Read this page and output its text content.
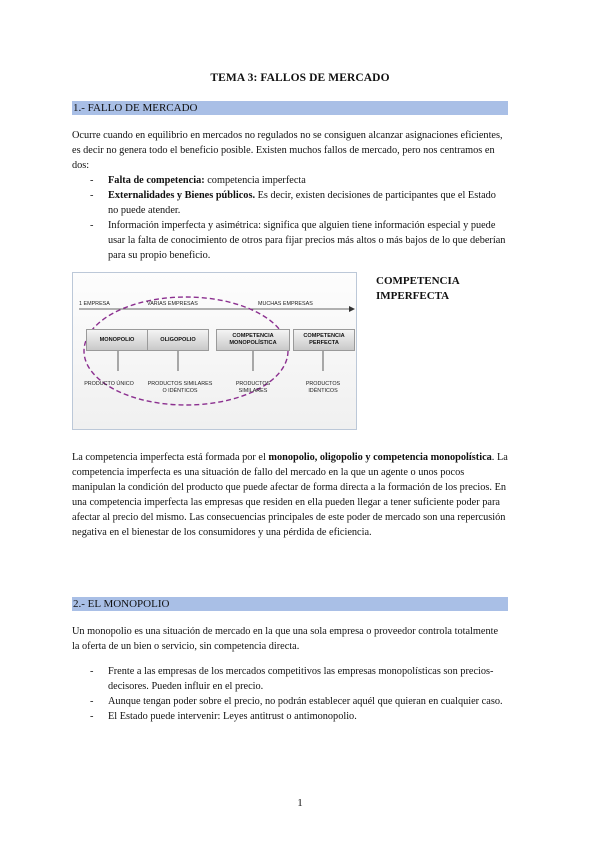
TEMA 3: FALLOS DE MERCADO
1.- FALLO DE MERCADO
Ocurre cuando en equilibrio en mercados no regulados no se consiguen alcanzar asignaciones eficientes, es decir no genera todo el beneficio posible. Existen muchos fallos de mercado, pero nos centramos en dos:
- Falta de competencia: competencia imperfecta
- Externalidades y Bienes públicos. Es decir, existen decisiones de participantes que el Estado no puede atender.
- Información imperfecta y asimétrica: significa que alguien tiene información especial y puede usar la falta de conocimiento de otros para fijar precios más altos o más bajos de lo que deberían para su propio beneficio.
1 EMPRESA	VARIAS EMPRESAS	MUCHAS EMPRESAS
MONOPOLIO	OLIGOPOLIO
COMPETENCIA MONOPOLÍSTICA
COMPETENCIA PERFECTA
PRODUCTO ÚNICO	PRODUCTOS SIMILARES O IDÉNTICOS
PRODUCTOS SIMILARES
PRODUCTOS IDÉNTICOS
COMPETENCIA IMPERFECTA
La competencia imperfecta está formada por el monopolio, oligopolio y competencia monopolística. La competencia imperfecta es una situación de fallo del mercado en la que un agente o unos pocos manipulan la condición del producto que puede afectar de forma directa a la formación de los precios. En una competencia imperfecta las empresas que residen en ella pueden llegar a tener suficiente poder para afectar al precio del mismo. Las consecuencias principales de este poder de mercado son una repercusión negativa en el bienestar de los consumidores y una pérdida de eficiencia.
2.- EL MONOPOLIO
Un monopolio es una situación de mercado en la que una sola empresa o proveedor controla totalmente la oferta de un bien o servicio, sin competencia directa.
- Frente a las empresas de los mercados competitivos las empresas monopolísticas son precios-decisores. Pueden influir en el precio.
- Aunque tengan poder sobre el precio, no podrán establecer aquél que quieran en cualquier caso.
- El Estado puede intervenir: Leyes antitrust o antimonopolio.
1
